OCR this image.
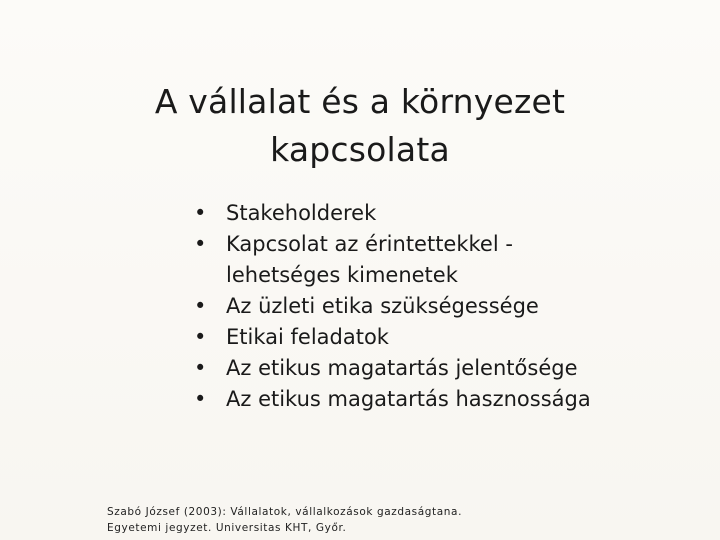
A vállalat és a környezet
kapcsolata
• Stakeholderek
• Kapcsolat az érintettekkel -
lehetséges kimenetek
• Az üzleti etika szükségessége
• Etikai feladatok
• Az etikus magatartás jelentősége
• Az etikus magatartás hasznossága
Szabó József (2003): Vállalatok, vállalkozások gazdaságtana.
Egyetemi jegyzet. Universitas KHT, Győr.
